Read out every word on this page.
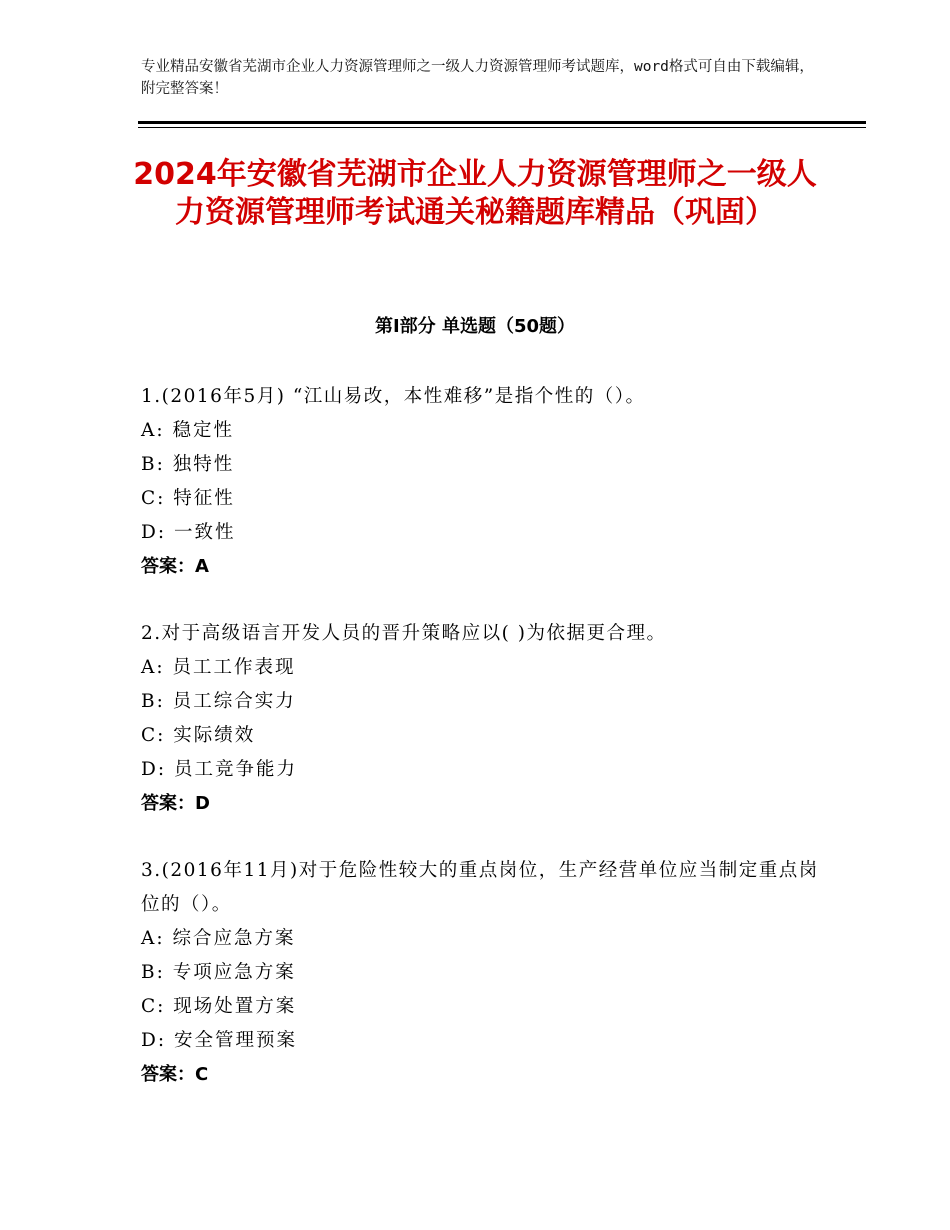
专业精品安徽省芜湖市企业人力资源管理师之一级人力资源管理师考试题库，word格式可自由下载编辑，附完整答案！
2024年安徽省芜湖市企业人力资源管理师之一级人力资源管理师考试通关秘籍题库精品（巩固）
第Ⅰ部分 单选题（50题）
1.(2016年5月) “江山易改，本性难移”是指个性的（）。
A: 稳定性
B: 独特性
C: 特征性
D: 一致性
答案：A
2.对于高级语言开发人员的晋升策略应以( )为依据更合理。
A: 员工工作表现
B: 员工综合实力
C: 实际绩效
D: 员工竞争能力
答案：D
3.(2016年11月)对于危险性较大的重点岗位，生产经营单位应当制定重点岗位的（）。
A: 综合应急方案
B: 专项应急方案
C: 现场处置方案
D: 安全管理预案
答案：C
